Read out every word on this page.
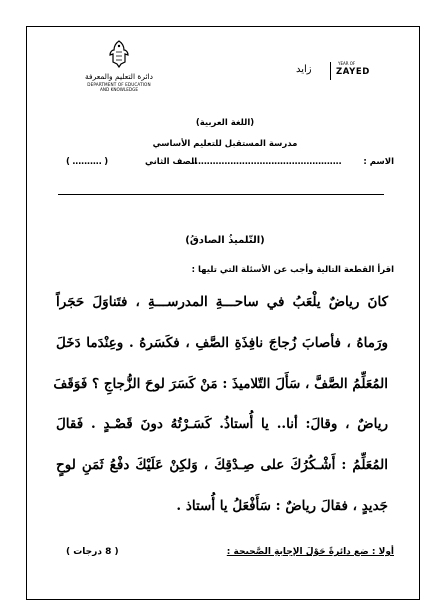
دائرة التعليم والمعرفة
DEPARTMENT OF EDUCATION
AND KNOWLEDGE
زايد
YEAR OF
ZAYED
(اللغة العربية)
مدرسة المستقبل للتعليم الأساسي
الاسم :
...................................................
الصف الثاني
( .......... )
(التّلميذُ الصادقُ)
اقرأ القطعة التالية وأجب عن الأسئلة التي تليها :
كانَ رياضٌ يلْعَبُ في ساحـــةِ المدرســـةِ ، فتَناوَلَ حَجَراً
ورَماهُ ، فأصابَ زُجاجَ نافِذَةِ الصَّفِ ، فكَسَرهُ . وعِنْدَما دَخَلَ
المُعَلِّمُ الصَّفَّ ، سَأَلَ التّلاميذَ : مَنْ كَسَرَ لوحَ الزُّجاجِ ؟ فَوَقَفَ
رياضٌ ، وقالَ: أنا.. يا أُستاذُ. كَسَـرْتُهُ دونَ قَصْـدٍ . فَقالَ
المُعَلِّمُ : أَشْـكُرُكَ على صِـدْقِكَ ، وَلكِنْ عَلَيْكَ دفْعُ ثَمَنِ لوحٍ
جَديدٍ ، فقالَ رياضٌ : سَأَفْعَلُ يا أُستاذ .
أولا : ضع دائرةً حَوْلَ الإجابةِ الصَّحيحة :
( 8 درجات )
